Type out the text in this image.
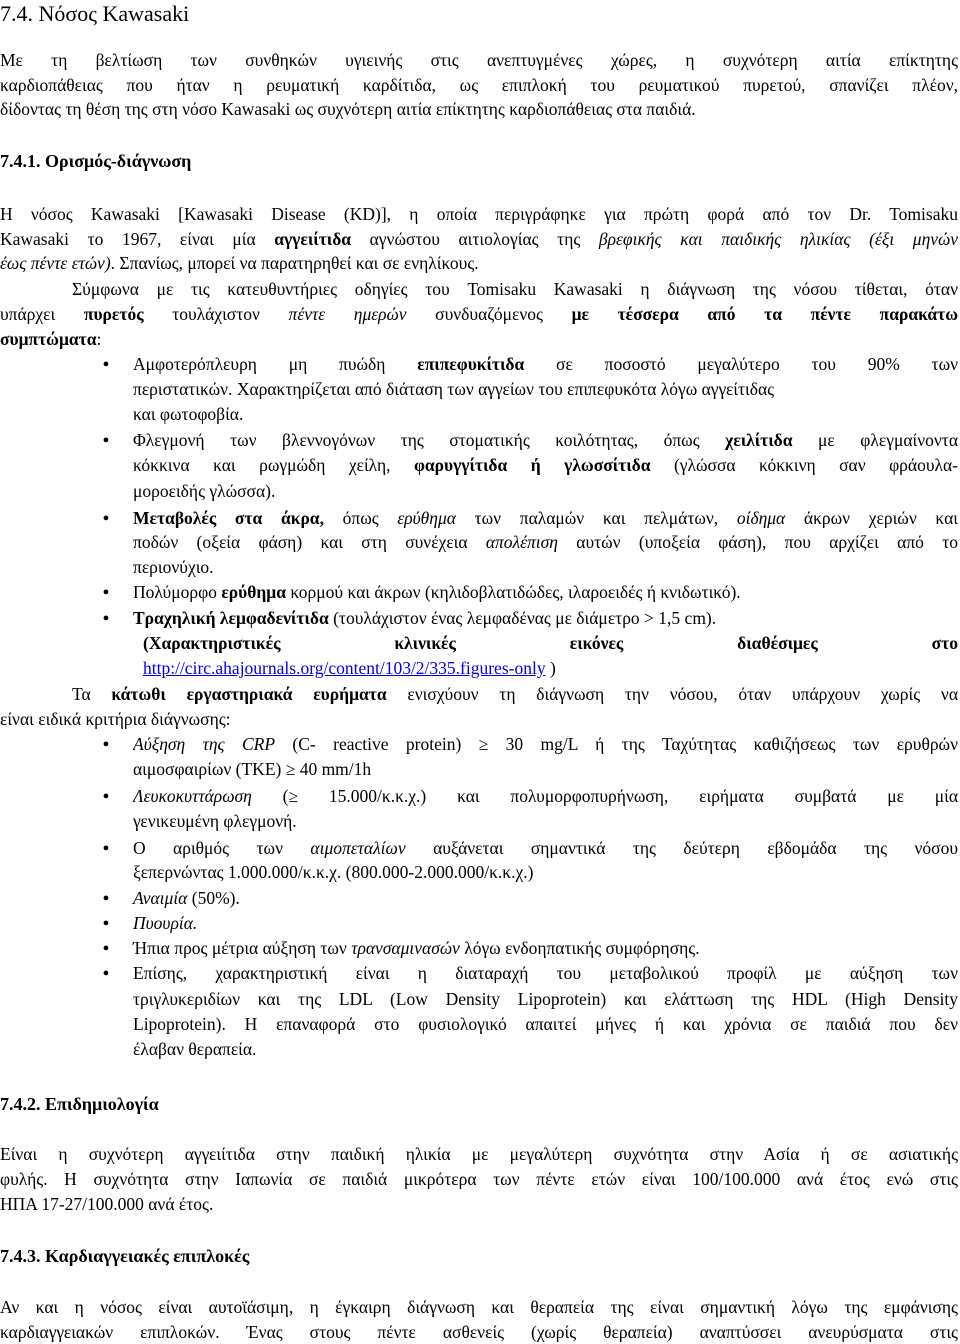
7.4. Νόσος Kawasaki
Με τη βελτίωση των συνθηκών υγιεινής στις ανεπτυγμένες χώρες, η συχνότερη αιτία επίκτητης
καρδιοπάθειας που ήταν η ρευματική καρδίτιδα, ως επιπλοκή του ρευματικού πυρετού, σπανίζει πλέον,
δίδοντας τη θέση της στη νόσο Kawasaki ως συχνότερη αιτία επίκτητης καρδιοπάθειας στα παιδιά.
7.4.1. Ορισμός-διάγνωση
Η νόσος Kawasaki [Kawasaki Disease (KD)], η οποία περιγράφηκε για πρώτη φορά από τον Dr. Tomisaku
Kawasaki το 1967, είναι μία αγγειίτιδα αγνώστου αιτιολογίας της βρεφικής και παιδικής ηλικίας (έξι μηνών
έως πέντε ετών). Σπανίως, μπορεί να παρατηρηθεί και σε ενηλίκους.
Σύμφωνα με τις κατευθυντήριες οδηγίες του Tomisaku Kawasaki η διάγνωση της νόσου τίθεται, όταν
υπάρχει πυρετός τουλάχιστον πέντε ημερών συνδυαζόμενος με τέσσερα από τα πέντε παρακάτω
συμπτώματα:
● Αμφοτερόπλευρη μη πυώδη επιπεφυκίτιδα σε ποσοστό μεγαλύτερο του 90% των
περιστατικών. Χαρακτηρίζεται από διάταση των αγγείων του επιπεφυκότα λόγω αγγείτιδας
και φωτοφοβία.
● Φλεγμονή των βλεννογόνων της στοματικής κοιλότητας, όπως χειλίτιδα με φλεγμαίνοντα
κόκκινα και ρωγμώδη χείλη, φαρυγγίτιδα ή γλωσσίτιδα (γλώσσα κόκκινη σαν φράουλα-
μοροειδής γλώσσα).
● Μεταβολές στα άκρα, όπως ερύθημα των παλαμών και πελμάτων, οίδημα άκρων χεριών και
ποδών (οξεία φάση) και στη συνέχεια απολέπιση αυτών (υποξεία φάση), που αρχίζει από το
περιονύχιο.
● Πολύμορφο ερύθημα κορμού και άκρων (κηλιδοβλατιδώδες, ιλαροειδές ή κνιδωτικό).
● Τραχηλική λεμφαδενίτιδα (τουλάχιστον ένας λεμφαδένας με διάμετρο > 1,5 cm).
(Χαρακτηριστικές κλινικές εικόνες διαθέσιμες στο
http://circ.ahajournals.org/content/103/2/335.figures-only )
Τα κάτωθι εργαστηριακά ευρήματα ενισχύουν τη διάγνωση την νόσου, όταν υπάρχουν χωρίς να
είναι ειδικά κριτήρια διάγνωσης:
● Αύξηση της CRP (C- reactive protein) ≥ 30 mg/L ή της Ταχύτητας καθιζήσεως των ερυθρών
αιμοσφαιρίων (ΤΚΕ) ≥ 40 mm/1h
● Λευκοκυττάρωση (≥ 15.000/κ.κ.χ.) και πολυμορφοπυρήνωση, ειρήματα συμβατά με μία
γενικευμένη φλεγμονή.
● Ο αριθμός των αιμοπεταλίων αυξάνεται σημαντικά της δεύτερη εβδομάδα της νόσου
ξεπερνώντας 1.000.000/κ.κ.χ. (800.000-2.000.000/κ.κ.χ.)
● Αναιμία (50%).
● Πυουρία.
● Ήπια προς μέτρια αύξηση των τρανσαμινασών λόγω ενδοηπατικής συμφόρησης.
● Επίσης, χαρακτηριστική είναι η διαταραχή του μεταβολικού προφίλ με αύξηση των
τριγλυκεριδίων και της LDL (Low Density Lipoprotein) και ελάττωση της HDL (High Density
Lipoprotein). Η επαναφορά στο φυσιολογικό απαιτεί μήνες ή και χρόνια σε παιδιά που δεν
έλαβαν θεραπεία.
7.4.2. Επιδημιολογία
Είναι η συχνότερη αγγειίτιδα στην παιδική ηλικία με μεγαλύτερη συχνότητα στην Ασία ή σε ασιατικής
φυλής. Η συχνότητα στην Ιαπωνία σε παιδιά μικρότερα των πέντε ετών είναι 100/100.000 ανά έτος ενώ στις
ΗΠΑ 17-27/100.000 ανά έτος.
7.4.3. Καρδιαγγειακές επιπλοκές
Αν και η νόσος είναι αυτοϊάσιμη, η έγκαιρη διάγνωση και θεραπεία της είναι σημαντική λόγω της εμφάνισης
καρδιαγγειακών επιπλοκών. Ένας στους πέντε ασθενείς (χωρίς θεραπεία) αναπτύσσει ανευρύσματα στις
